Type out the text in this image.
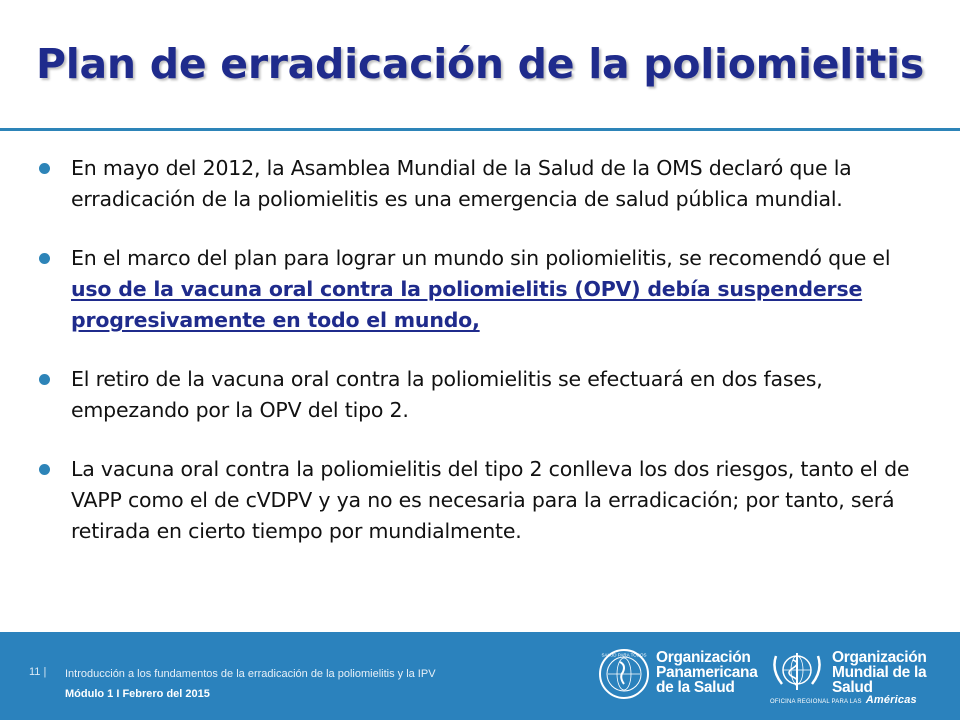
Plan de erradicación de la poliomielitis

En mayo del 2012, la Asamblea Mundial de la Salud de la OMS declaró que la erradicación de la poliomielitis es una emergencia de salud pública mundial.

En el marco del plan para lograr un mundo sin poliomielitis, se recomendó que el uso de la vacuna oral contra la poliomielitis (OPV) debía suspenderse progresivamente en todo el mundo,

El retiro de la vacuna oral contra la poliomielitis se efectuará en dos fases, empezando por la OPV del tipo 2.

La vacuna oral contra la poliomielitis del tipo 2 conlleva los dos riesgos, tanto el de VAPP como el de cVDPV y ya no es necesaria para la erradicación; por tanto, será retirada en cierto tiempo por mundialmente.

11 | Introducción a los fundamentos de la erradicación de la poliomielitis y la IPV
Módulo 1 I Febrero del 2015
SALUD PARA TODOS Organización
Panamericana
de la Salud
Organización
Mundial de la Salud
OFICINA REGIONAL PARA LAS Américas
